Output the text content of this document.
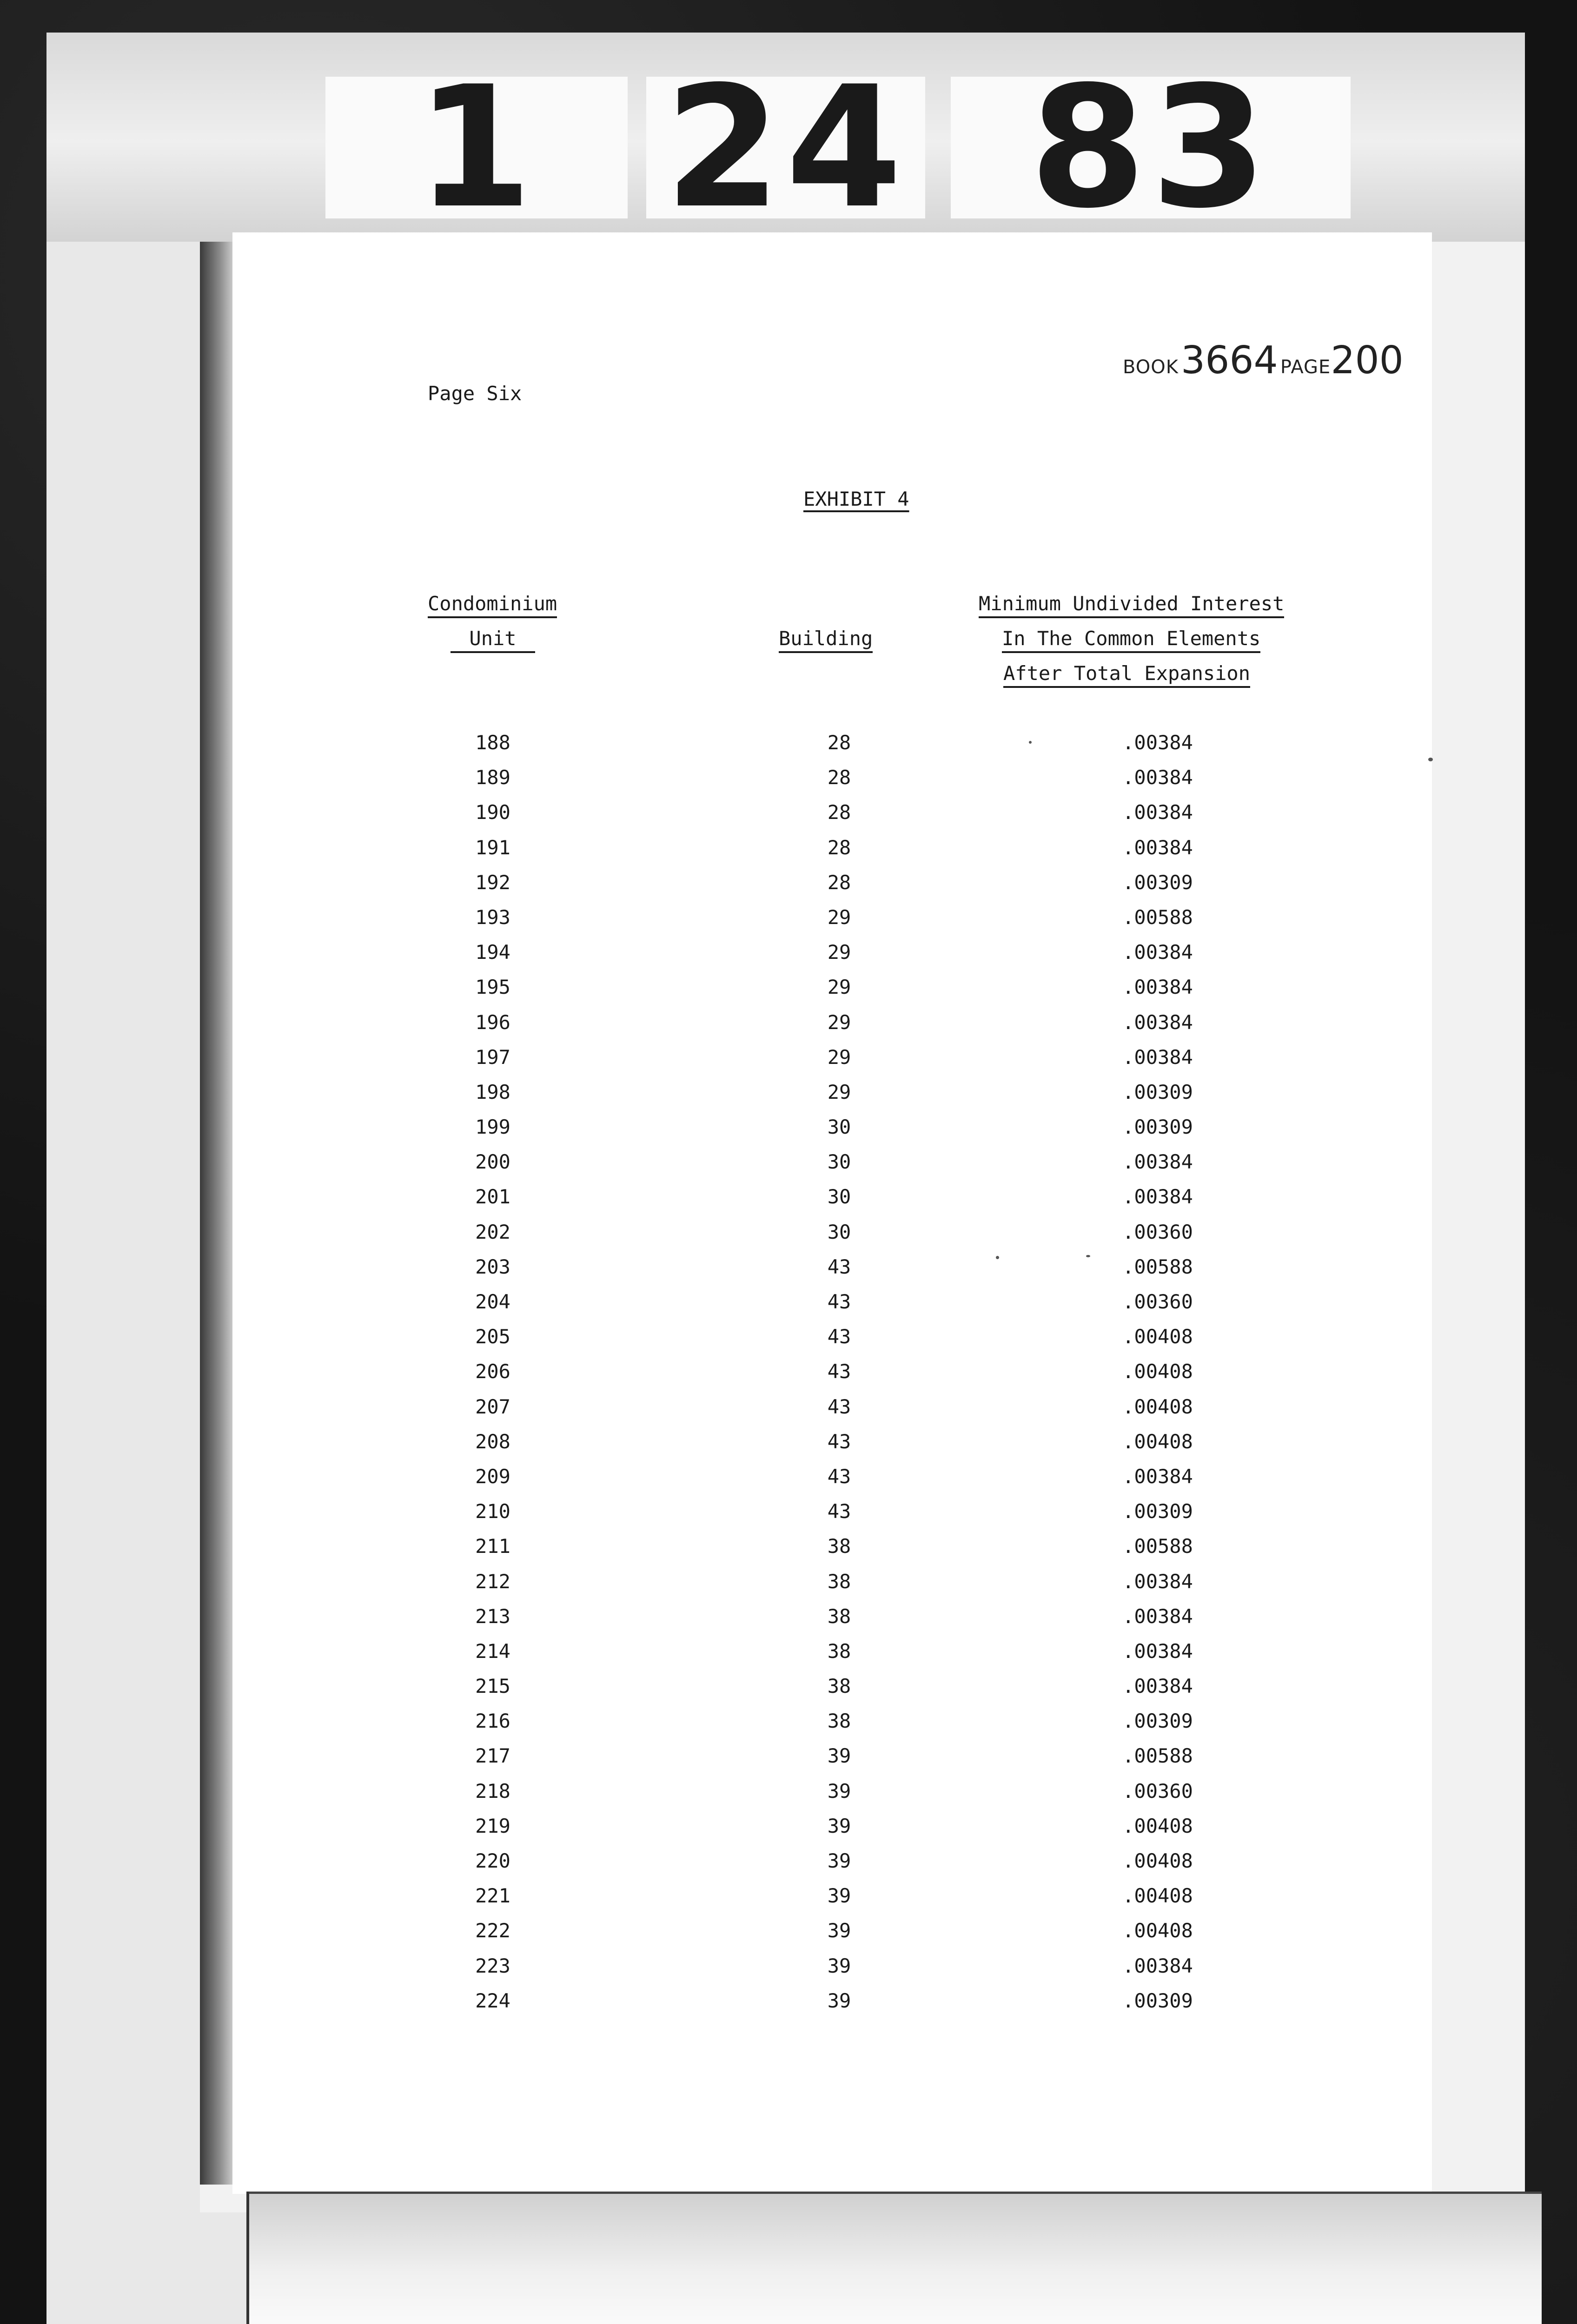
1 24 83
BOOK 3664 PAGE200
Page Six
EXHIBIT 4
Condominium
Unit	Building
Minimum Undivided Interest
In The Common Elements
After Total Expansion
188	28	.00384
189	28	.00384
190	28	.00384
191	28	.00384
192	28	.00309
193	29	.00588
194	29	.00384
195	29	.00384
196	29	.00384
197	29	.00384
198	29	.00309
199	30	.00309
200	30	.00384
201	30	.00384
202	30	.00360
203	43	.00588
204	43	.00360
205	43	.00408
206	43	.00408
207	43	.00408
208	43	.00408
209	43	.00384
210	43	.00309
211	38	.00588
212	38	.00384
213	38	.00384
214	38	.00384
215	38	.00384
216	38	.00309
217	39	.00588
218	39	.00360
219	39	.00408
220	39	.00408
221	39	.00408
222	39	.00408
223	39	.00384
224	39	.00309
